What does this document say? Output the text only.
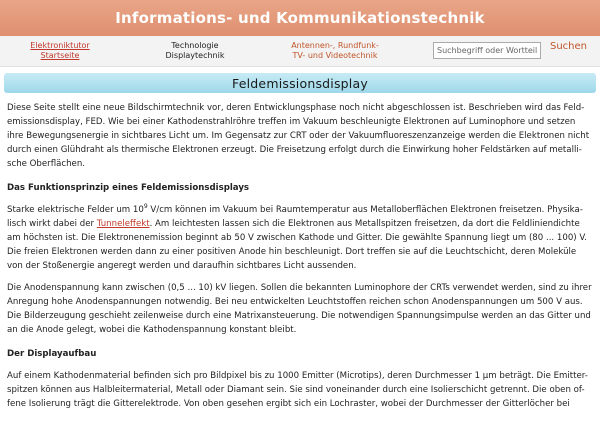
Informations- und Kommunikationstechnik
Elektroniktutor
Startseite
Technologie
Displaytechnik
Antennen-, Rundfunk-
TV- und Videotechnik
Suchbegriff oder Wortteil
Suchen
Feldemissionsdisplay

Diese Seite stellt eine neue Bildschirmtechnik vor, deren Entwicklungsphase noch nicht abgeschlossen ist. Beschrieben wird das Feld-emissionsdisplay, FED. Wie bei einer Kathodenstrahlröhre treffen im Vakuum beschleunigte Elektronen auf Luminophore und setzen ihre Bewegungsenergie in sichtbares Licht um. Im Gegensatz zur CRT oder der Vakuumfluoreszenzanzeige werden die Elektronen nicht durch einen Glühdraht als thermische Elektronen erzeugt. Die Freisetzung erfolgt durch die Einwirkung hoher Feldstärken auf metalli-sche Oberflächen.

Das Funktionsprinzip eines Feldemissionsdisplays

Starke elektrische Felder um $10^9$ V/cm können im Vakuum bei Raumtemperatur aus Metalloberflächen Elektronen freisetzen. Physika-lisch wirkt dabei der Tunneleffekt. Am leichtesten lassen sich die Elektronen aus Metallspitzen freisetzen, da dort die Feldliniendichte am höchsten ist. Die Elektronenemission beginnt ab 50 V zwischen Kathode und Gitter. Die gewählte Spannung liegt um (80 ... 100) V. Die freien Elektronen werden dann zu einer positiven Anode hin beschleunigt. Dort treffen sie auf die Leuchtschicht, deren Moleküle von der Stoßenergie angeregt werden und daraufhin sichtbares Licht aussenden.

Die Anodenspannung kann zwischen (0,5 ... 10) kV liegen. Sollen die bekannten Luminophore der CRTs verwendet werden, sind zu ihrer Anregung hohe Anodenspannungen notwendig. Bei neu entwickelten Leuchtstoffen reichen schon Anodenspannungen um 500 V aus. Die Bilderzeugung geschieht zeilenweise durch eine Matrixansteuerung. Die notwendigen Spannungsimpulse werden an das Gitter und an die Anode gelegt, wobei die Kathodenspannung konstant bleibt.

Der Displayaufbau

Auf einem Kathodenmaterial befinden sich pro Bildpixel bis zu 1000 Emitter (Microtips), deren Durchmesser 1 µm beträgt. Die Emitter-spitzen können aus Halbleitermaterial, Metall oder Diamant sein. Sie sind voneinander durch eine Isolierschicht getrennt. Die oben of-fene Isolierung trägt die Gitterelektrode. Von oben gesehen ergibt sich ein Lochraster, wobei der Durchmesser der Gitterlöcher bei
